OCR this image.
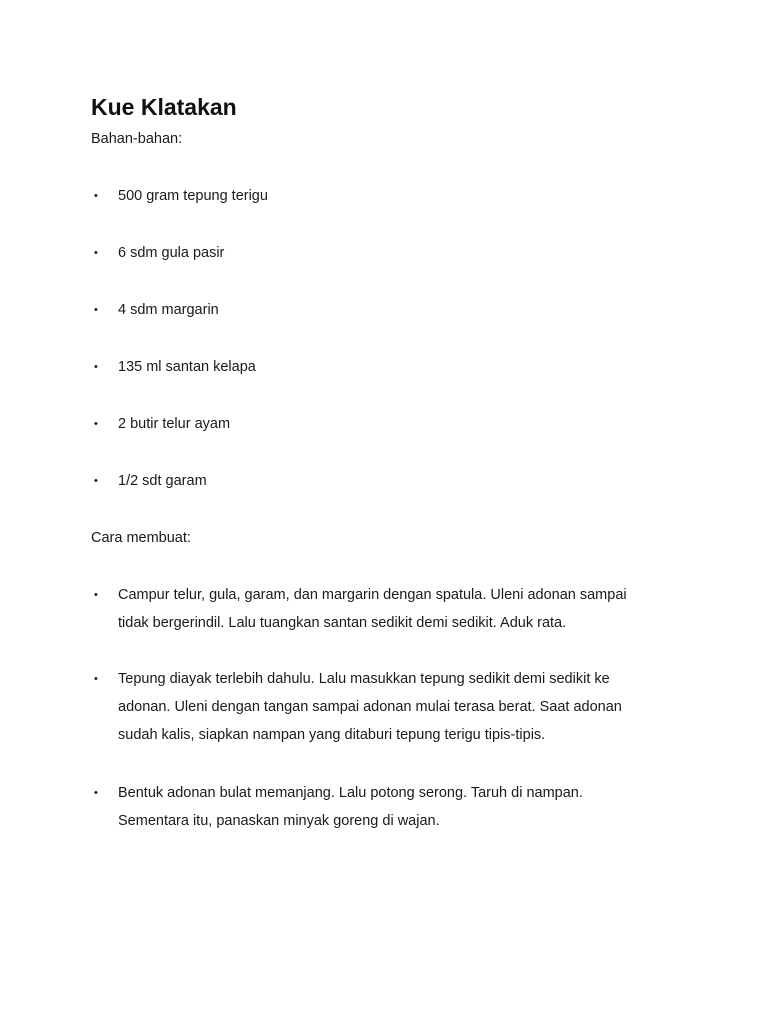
Kue Klatakan

Bahan-bahan:

•	500 gram tepung terigu
•	6 sdm gula pasir
•	4 sdm margarin
•	135 ml santan kelapa
•	2 butir telur ayam
•	1/2 sdt garam

Cara membuat:

•	Campur telur, gula, garam, dan margarin dengan spatula. Uleni adonan sampai tidak bergerindil. Lalu tuangkan santan sedikit demi sedikit. Aduk rata.
•	Tepung diayak terlebih dahulu. Lalu masukkan tepung sedikit demi sedikit ke adonan. Uleni dengan tangan sampai adonan mulai terasa berat. Saat adonan sudah kalis, siapkan nampan yang ditaburi tepung terigu tipis-tipis.
•	Bentuk adonan bulat memanjang. Lalu potong serong. Taruh di nampan. Sementara itu, panaskan minyak goreng di wajan.
